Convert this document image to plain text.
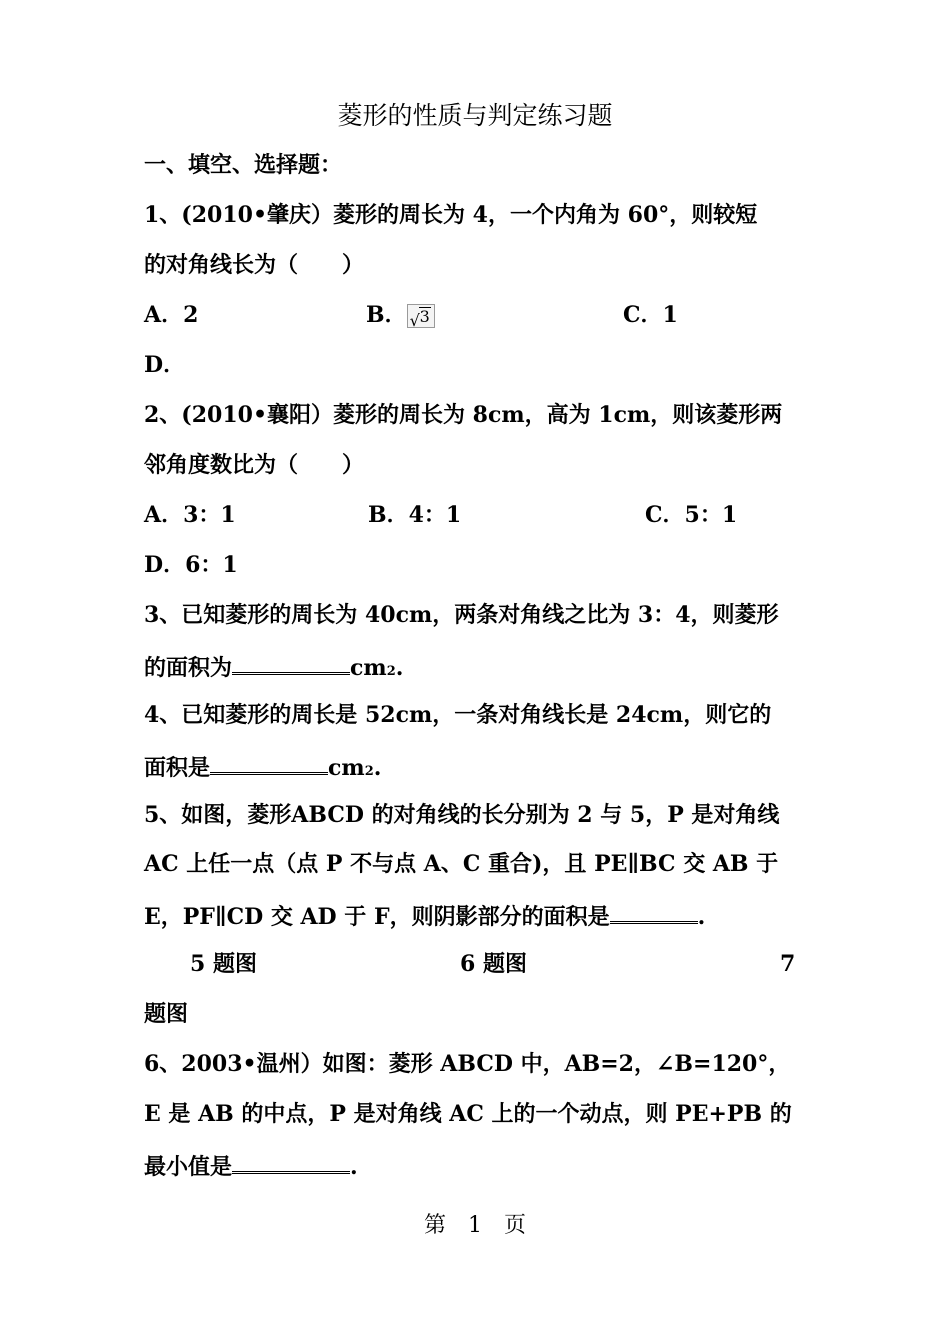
菱形的性质与判定练习题
一、填空、选择题：
1、(2010•肇庆）菱形的周长为 4，一个内角为 60°，则较短
的对角线长为（　　）
A．2	B． √ 3	C．1
D．
2、(2010•襄阳）菱形的周长为 8cm，高为 1cm，则该菱形两
邻角度数比为（　　）
A．3：1	B．4：1	C．5：1
D．6：1
3、已知菱形的周长为 40cm，两条对角线之比为 3：4，则菱形
的面积为	cm2.
4、已知菱形的周长是 52cm，一条对角线长是 24cm，则它的
面积是	cm2.
5、如图，菱形ABCD 的对角线的长分别为 2 与 5，P 是对角线
AC 上任一点（点 P 不与点 A、C 重合)，且 PE∥BC 交 AB 于
E，PF∥CD 交 AD 于 F，则阴影部分的面积是	.
5 题图	6 题图	7
题图
6、2003•温州）如图：菱形 ABCD 中，AB=2，∠B=120°，
E 是 AB 的中点，P 是对角线 AC 上的一个动点，则 PE+PB 的
最小值是	.
第　1　页
